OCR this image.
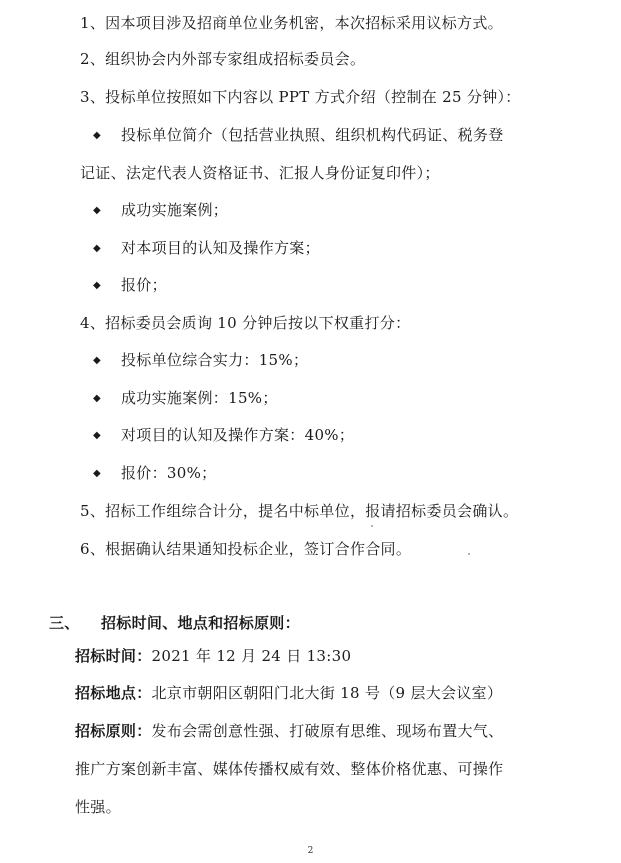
1、因本项目涉及招商单位业务机密，本次招标采用议标方式。
2、组织协会内外部专家组成招标委员会。
3、投标单位按照如下内容以 PPT 方式介绍（控制在 25 分钟）：
◆ 投标单位简介（包括营业执照、组织机构代码证、税务登
记证、法定代表人资格证书、汇报人身份证复印件）；
◆ 成功实施案例；
◆ 对本项目的认知及操作方案；
◆ 报价；
4、招标委员会质询 10 分钟后按以下权重打分：
◆ 投标单位综合实力：15%；
◆ 成功实施案例：15%；
◆ 对项目的认知及操作方案：40%；
◆ 报价：30%；
5、招标工作组综合计分，提名中标单位，报请招标委员会确认。
6、根据确认结果通知投标企业，签订合作合同。
三、 招标时间、地点和招标原则：
招标时间：2021 年 12 月 24 日 13:30
招标地点：北京市朝阳区朝阳门北大街 18 号（9 层大会议室）
招标原则：发布会需创意性强、打破原有思维、现场布置大气、
推广方案创新丰富、媒体传播权威有效、整体价格优惠、可操作
性强。
2
